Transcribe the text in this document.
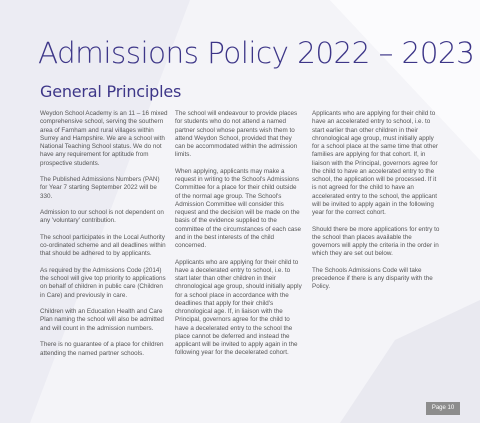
Admissions Policy 2022 – 2023
General Principles

Weydon School Academy is an 11 – 16 mixed comprehensive school, serving the southern area of Farnham and rural villages within Surrey and Hampshire. We are a school with National Teaching School status. We do not have any requirement for aptitude from prospective students.

The Published Admissions Numbers (PAN) for Year 7 starting September 2022 will be 330.

Admission to our school is not dependent on any 'voluntary' contribution.

The school participates in the Local Authority co-ordinated scheme and all deadlines within that should be adhered to by applicants.

As required by the Admissions Code (2014) the school will give top priority to applications on behalf of children in public care (Children in Care) and previously in care.

Children with an Education Health and Care Plan naming the school will also be admitted and will count in the admission numbers.

There is no guarantee of a place for children attending the named partner schools.

The school will endeavour to provide places for students who do not attend a named partner school whose parents wish them to attend Weydon School, provided that they can be accommodated within the admission limits.

When applying, applicants may make a request in writing to the School's Admissions Committee for a place for their child outside of the normal age group. The School's Admission Committee will consider this request and the decision will be made on the basis of the evidence supplied to the committee of the circumstances of each case and in the best interests of the child concerned.

Applicants who are applying for their child to have a decelerated entry to school, i.e. to start later than other children in their chronological age group, should initially apply for a school place in accordance with the deadlines that apply for their child's chronological age. If, in liaison with the Principal, governors agree for the child to have a decelerated entry to the school the place cannot be deferred and instead the applicant will be invited to apply again in the following year for the decelerated cohort.

Applicants who are applying for their child to have an accelerated entry to school, i.e. to start earlier than other children in their chronological age group, must initially apply for a school place at the same time that other families are applying for that cohort. If, in liaison with the Principal, governors agree for the child to have an accelerated entry to the school, the application will be processed. If it is not agreed for the child to have an accelerated entry to the school, the applicant will be invited to apply again in the following year for the correct cohort.

Should there be more applications for entry to the school than places available the governors will apply the criteria in the order in which they are set out below.

The Schools Admissions Code will take precedence if there is any disparity with the Policy.

Page 10
